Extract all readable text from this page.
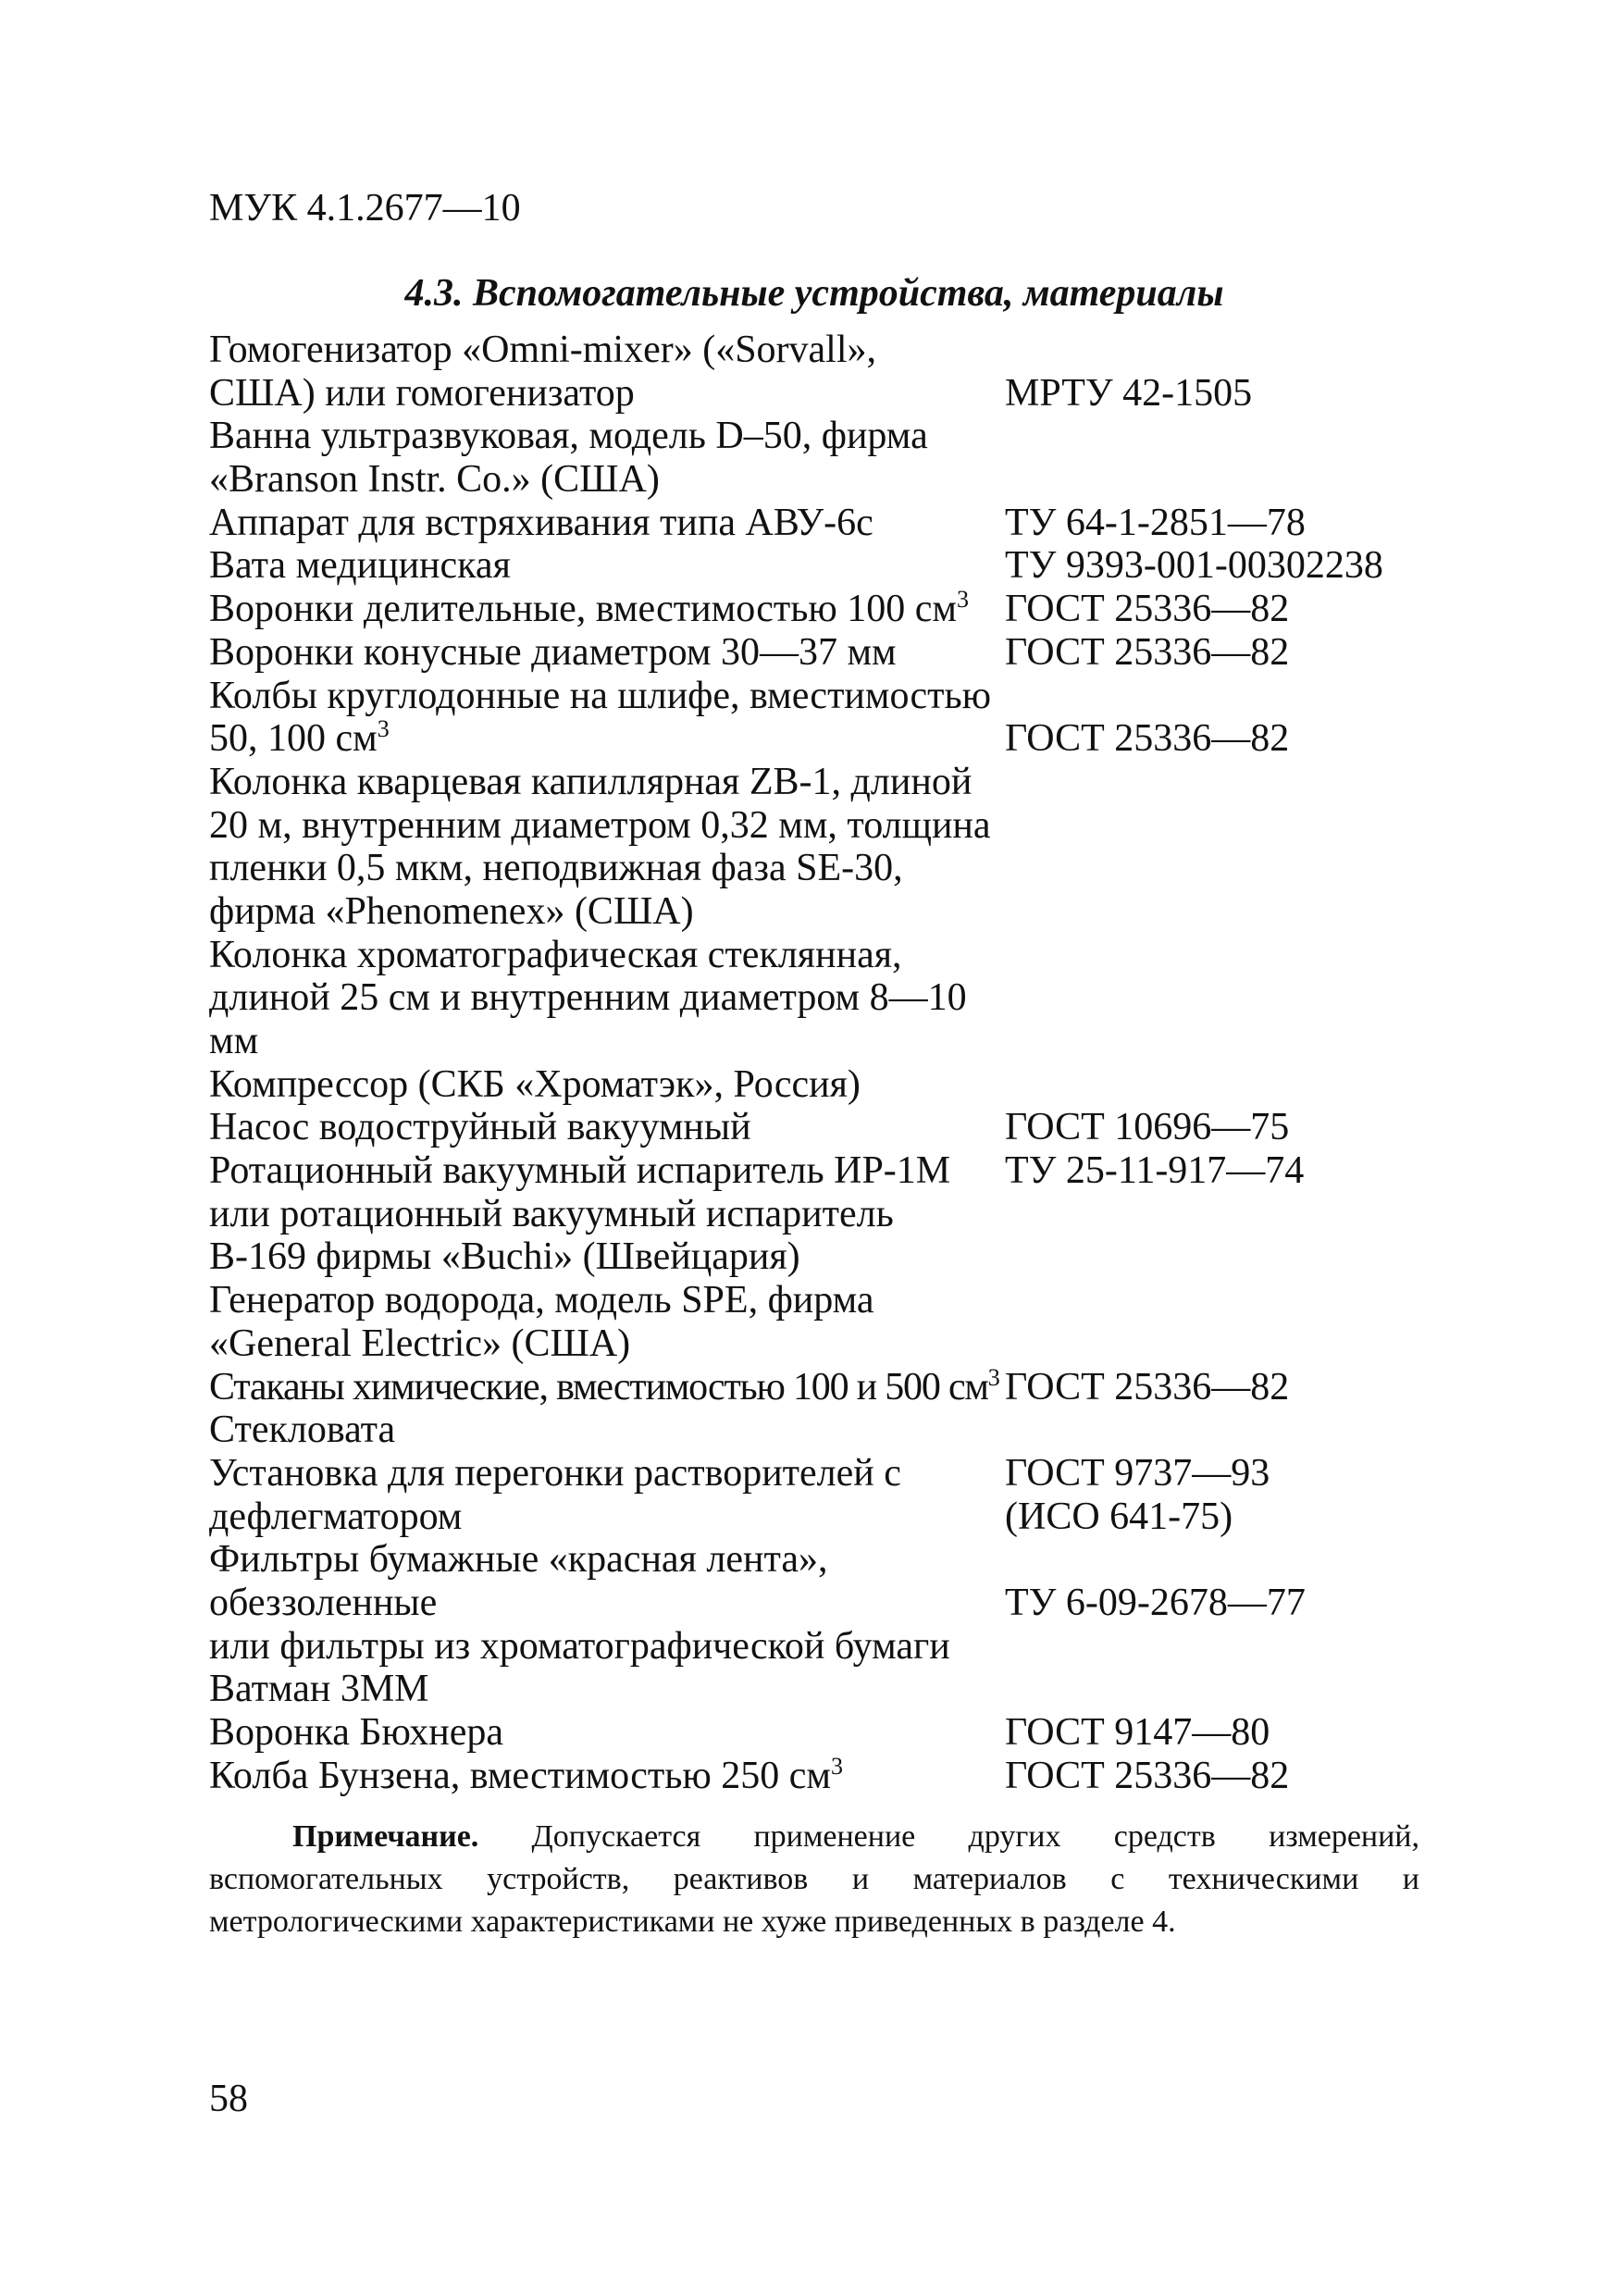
МУК 4.1.2677—10
4.3. Вспомогательные устройства, материалы
Гомогенизатор «Omni-mixer» («Sorvall»,
США) или гомогенизатор	МРТУ 42-1505
Ванна ультразвуковая, модель D–50, фирма
«Branson Instr. Co.» (США)
Аппарат для встряхивания типа АВУ-6с	ТУ 64-1-2851—78
Вата медицинская	ТУ 9393-001-00302238
Воронки делительные, вместимостью 100 $см^3$ ГОСТ 25336—82
Воронки конусные диаметром 30—37 мм	ГОСТ 25336—82
Колбы круглодонные на шлифе, вместимостью
50, 100 $см^3$	ГОСТ 25336—82
Колонка кварцевая капиллярная ZB-1, длиной
20 м, внутренним диаметром 0,32 мм, толщина
пленки 0,5 мкм, неподвижная фаза SE-30,
фирма «Phenomenex» (США)
Колонка хроматографическая стеклянная,
длиной 25 см и внутренним диаметром 8—10
мм
Компрессор (СКБ «Хроматэк», Россия)
Насос водоструйный вакуумный	ГОСТ 10696—75
Ротационный вакуумный испаритель ИР-1М ТУ 25-11-917—74
или ротационный вакуумный испаритель
В-169 фирмы «Buchi» (Швейцария)
Генератор водорода, модель SPE, фирма
«General Electric» (США)
Стаканы химические, вместимостью 100 и 500 $см^3$ ГОСТ 25336—82
Стекловата
Установка для перегонки растворителей с	ГОСТ 9737—93
дефлегматором	(ИСО 641-75)
Фильтры бумажные «красная лента»,
обеззоленные	ТУ 6-09-2678—77
или фильтры из хроматографической бумаги
Ватман 3ММ
Воронка Бюхнера	ГОСТ 9147—80
Колба Бунзена, вместимостью 250 $см^3$	ГОСТ 25336—82
Примечание. Допускается применение других средств измерений, вспомогательных устройств, реактивов и материалов с техническими и метрологическими характеристиками не хуже приведенных в разделе 4.
58
